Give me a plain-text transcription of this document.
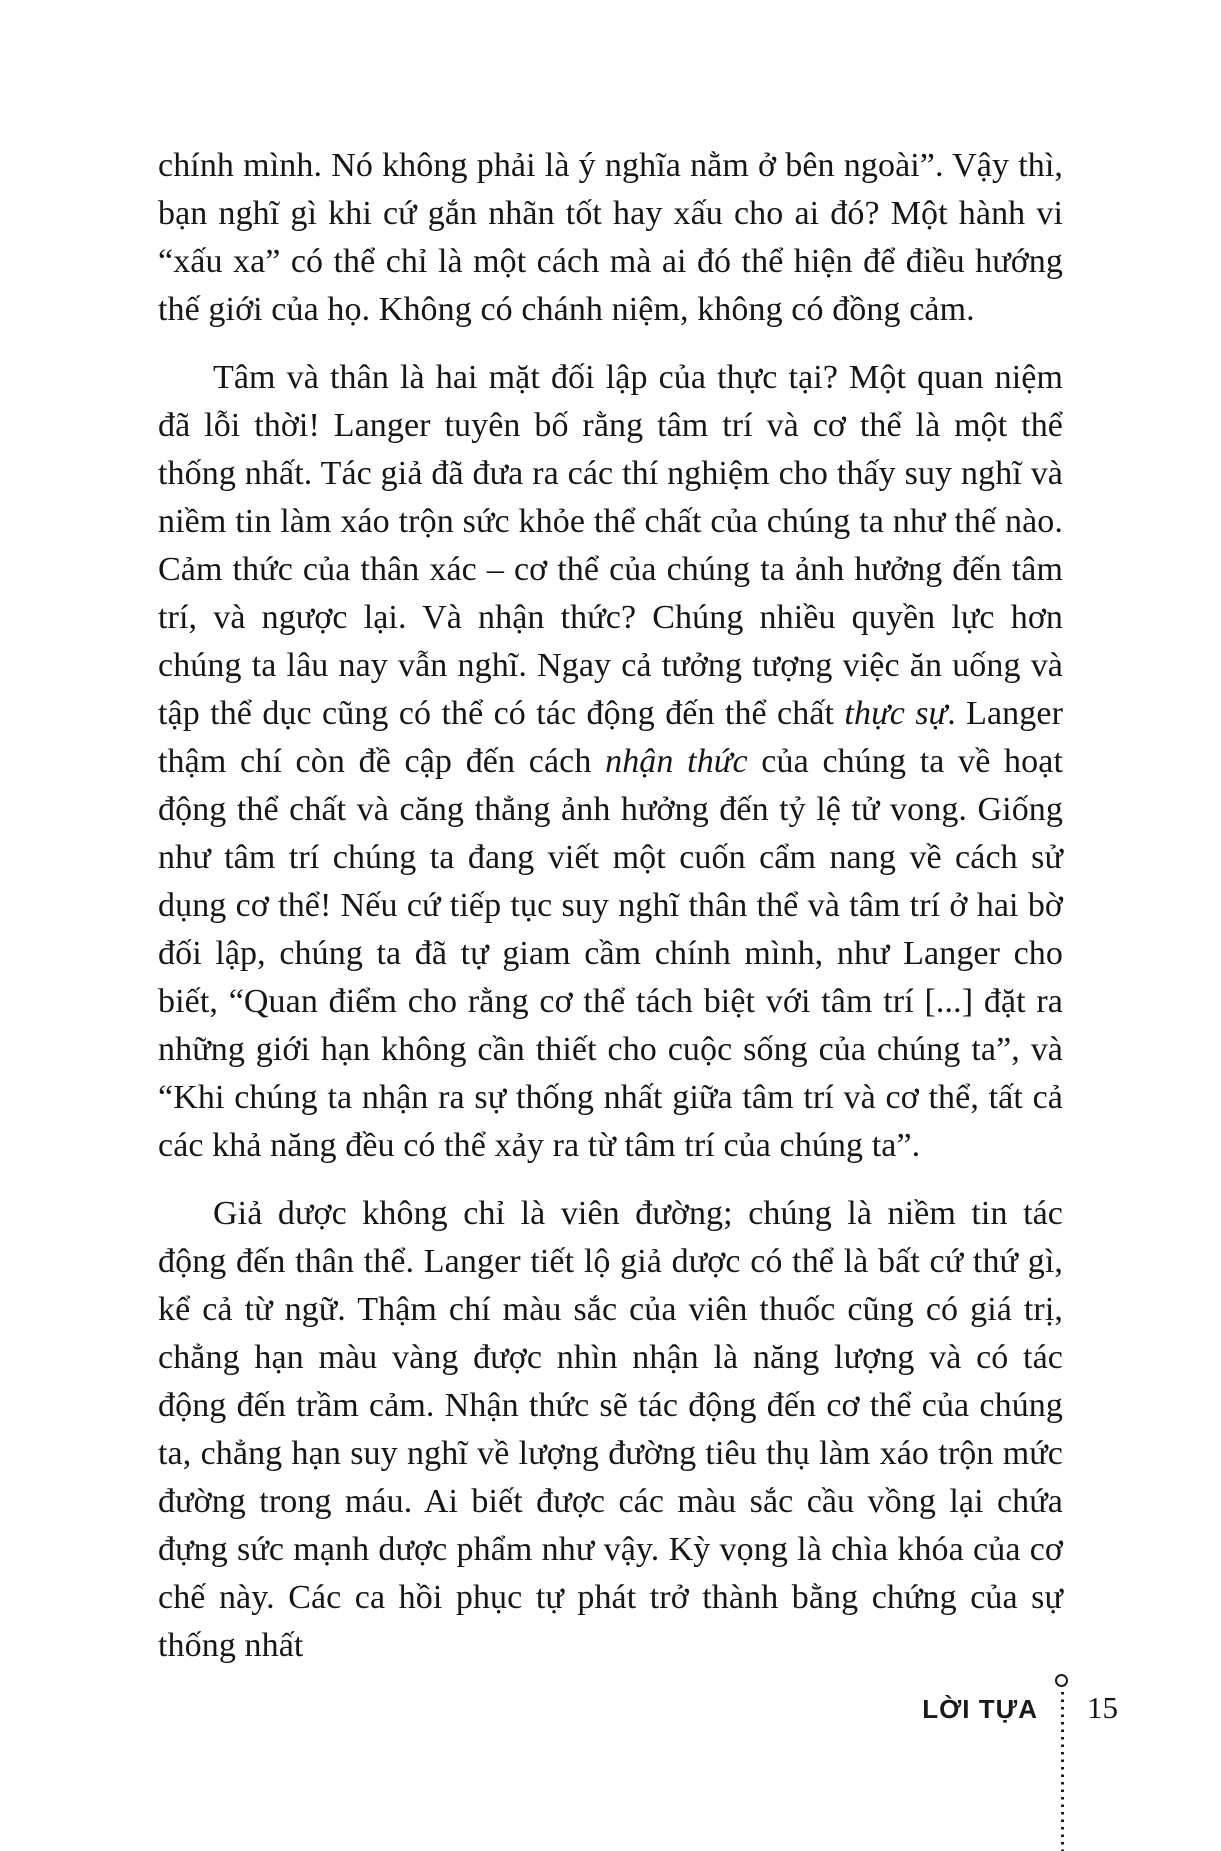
chính mình. Nó không phải là ý nghĩa nằm ở bên ngoài”. Vậy thì, bạn nghĩ gì khi cứ gắn nhãn tốt hay xấu cho ai đó? Một hành vi “xấu xa” có thể chỉ là một cách mà ai đó thể hiện để điều hướng thế giới của họ. Không có chánh niệm, không có đồng cảm.

Tâm và thân là hai mặt đối lập của thực tại? Một quan niệm đã lỗi thời! Langer tuyên bố rằng tâm trí và cơ thể là một thể thống nhất. Tác giả đã đưa ra các thí nghiệm cho thấy suy nghĩ và niềm tin làm xáo trộn sức khỏe thể chất của chúng ta như thế nào. Cảm thức của thân xác – cơ thể của chúng ta ảnh hưởng đến tâm trí, và ngược lại. Và nhận thức? Chúng nhiều quyền lực hơn chúng ta lâu nay vẫn nghĩ. Ngay cả tưởng tượng việc ăn uống và tập thể dục cũng có thể có tác động đến thể chất thực sự. Langer thậm chí còn đề cập đến cách nhận thức của chúng ta về hoạt động thể chất và căng thẳng ảnh hưởng đến tỷ lệ tử vong. Giống như tâm trí chúng ta đang viết một cuốn cẩm nang về cách sử dụng cơ thể! Nếu cứ tiếp tục suy nghĩ thân thể và tâm trí ở hai bờ đối lập, chúng ta đã tự giam cầm chính mình, như Langer cho biết, “Quan điểm cho rằng cơ thể tách biệt với tâm trí [...] đặt ra những giới hạn không cần thiết cho cuộc sống của chúng ta”, và “Khi chúng ta nhận ra sự thống nhất giữa tâm trí và cơ thể, tất cả các khả năng đều có thể xảy ra từ tâm trí của chúng ta”.

Giả dược không chỉ là viên đường; chúng là niềm tin tác động đến thân thể. Langer tiết lộ giả dược có thể là bất cứ thứ gì, kể cả từ ngữ. Thậm chí màu sắc của viên thuốc cũng có giá trị, chẳng hạn màu vàng được nhìn nhận là năng lượng và có tác động đến trầm cảm. Nhận thức sẽ tác động đến cơ thể của chúng ta, chẳng hạn suy nghĩ về lượng đường tiêu thụ làm xáo trộn mức đường trong máu. Ai biết được các màu sắc cầu vồng lại chứa đựng sức mạnh dược phẩm như vậy. Kỳ vọng là chìa khóa của cơ chế này. Các ca hồi phục tự phát trở thành bằng chứng của sự thống nhất

LỜI TỰA 15
